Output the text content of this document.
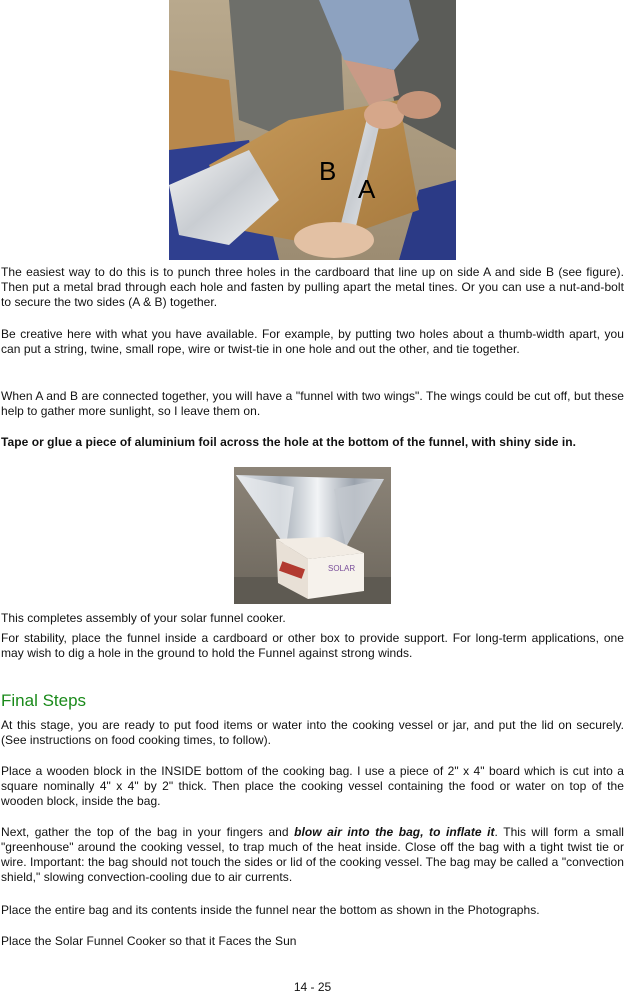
B
A

The easiest way to do this is to punch three holes in the cardboard that line up on side A and side B (see figure). Then put a metal brad through each hole and fasten by pulling apart the metal tines. Or you can use a nut-and-bolt to secure the two sides (A & B) together.

Be creative here with what you have available. For example, by putting two holes about a thumb-width apart, you can put a string, twine, small rope, wire or twist-tie in one hole and out the other, and tie together.

When A and B are connected together, you will have a "funnel with two wings". The wings could be cut off, but these help to gather more sunlight, so I leave them on.

Tape or glue a piece of aluminium foil across the hole at the bottom of the funnel, with shiny side in.

SOLAR

This completes assembly of your solar funnel cooker.

For stability, place the funnel inside a cardboard or other box to provide support. For long-term applications, one may wish to dig a hole in the ground to hold the Funnel against strong winds.

Final Steps

At this stage, you are ready to put food items or water into the cooking vessel or jar, and put the lid on securely. (See instructions on food cooking times, to follow).

Place a wooden block in the INSIDE bottom of the cooking bag. I use a piece of 2" x 4" board which is cut into a square nominally 4" x 4" by 2" thick. Then place the cooking vessel containing the food or water on top of the wooden block, inside the bag.

Next, gather the top of the bag in your fingers and blow air into the bag, to inflate it. This will form a small "greenhouse" around the cooking vessel, to trap much of the heat inside. Close off the bag with a tight twist tie or wire. Important: the bag should not touch the sides or lid of the cooking vessel. The bag may be called a "convection shield," slowing convection-cooling due to air currents.

Place the entire bag and its contents inside the funnel near the bottom as shown in the Photographs.

Place the Solar Funnel Cooker so that it Faces the Sun

14 - 25
